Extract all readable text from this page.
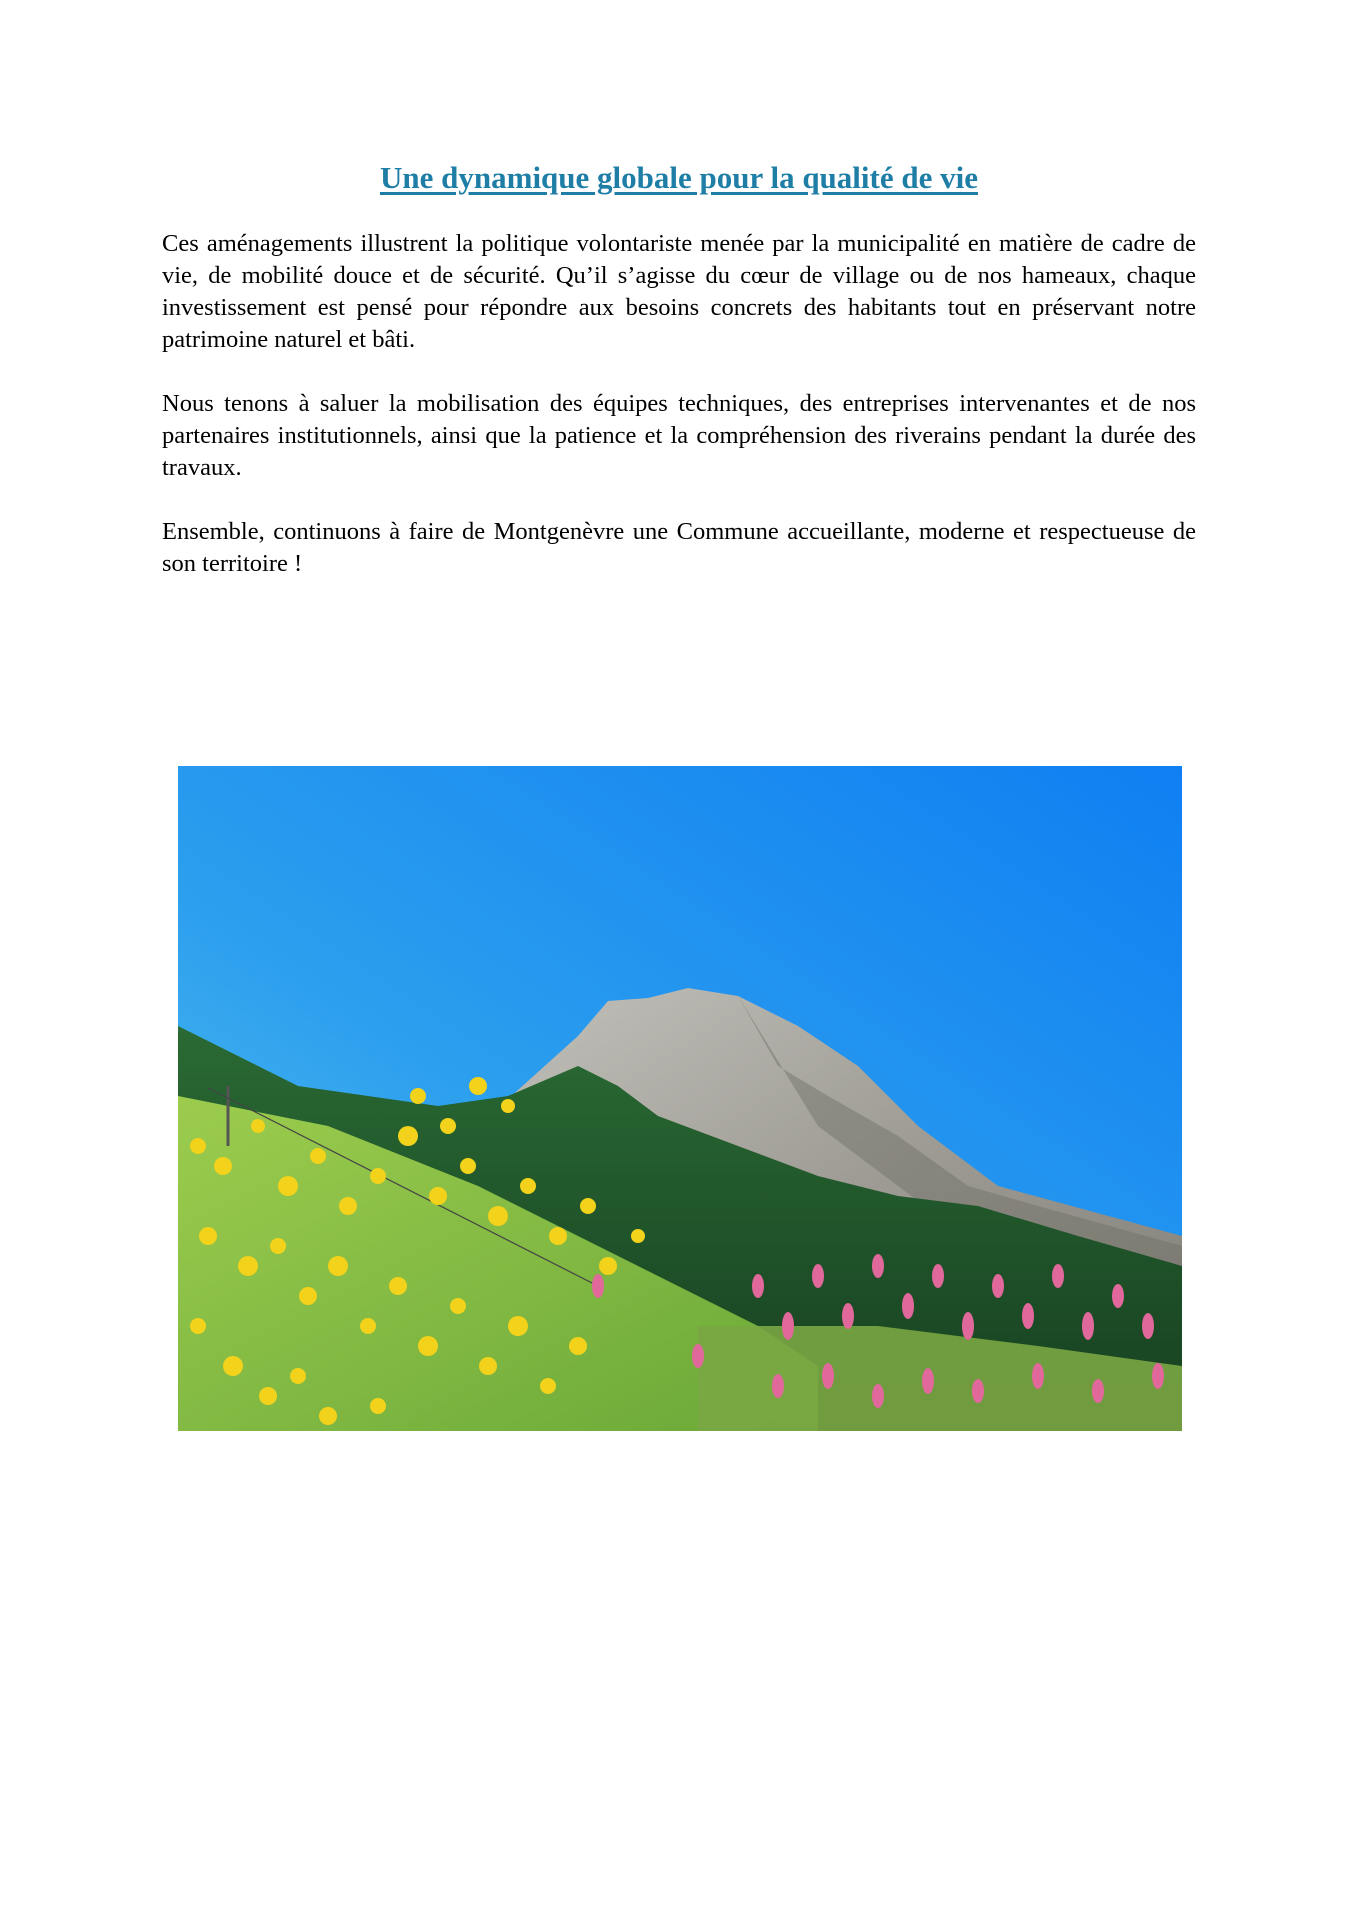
Une dynamique globale pour la qualité de vie

Ces aménagements illustrent la politique volontariste menée par la municipalité en matière de cadre de vie, de mobilité douce et de sécurité. Qu’il s’agisse du cœur de village ou de nos hameaux, chaque investissement est pensé pour répondre aux besoins concrets des habitants tout en préservant notre patrimoine naturel et bâti.

Nous tenons à saluer la mobilisation des équipes techniques, des entreprises intervenantes et de nos partenaires institutionnels, ainsi que la patience et la compréhension des riverains pendant la durée des travaux.

Ensemble, continuons à faire de Montgenèvre une Commune accueillante, moderne et respectueuse de son territoire !
